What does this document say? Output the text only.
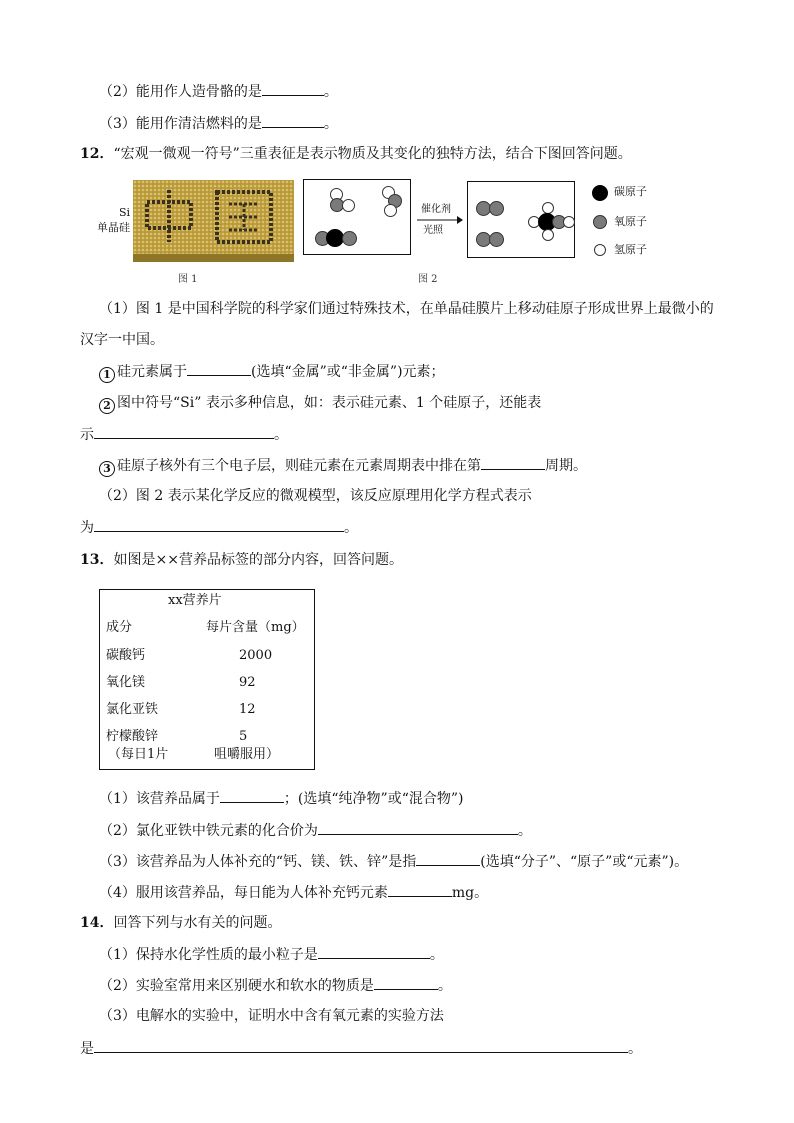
（2）能用作人造骨骼的是	。
（3）能用作清洁燃料的是	。
12．“宏观一微观一符号”三重表征是表示物质及其变化的独特方法，结合下图回答问题。
Si
单晶硅
图 1
催化剂
光照
图 2
碳原子
氧原子
氢原子
（1）图 1 是中国科学院的科学家们通过特殊技术，在单晶硅膜片上移动硅原子形成世界上最微小的
汉字一中国。
1 硅元素属于	(选填“金属”或“非金属”)元素；
2 图中符号“Si” 表示多种信息，如：表示硅元素、1 个硅原子，还能表
示	。
3 硅原子核外有三个电子层，则硅元素在元素周期表中排在第	周期。
（2）图 2 表示某化学反应的微观模型，该反应原理用化学方程式表示
为	。
13．如图是××营养品标签的部分内容，回答问题。
xx营养片
成分	每片含量（mg）
碳酸钙	2000
氧化镁	92
氯化亚铁	12
柠檬酸锌	5
（每日1片	咀嚼服用）
（1）该营养品属于	；(选填“纯净物”或“混合物”)
（2）氯化亚铁中铁元素的化合价为	。
（3）该营养品为人体补充的“钙、镁、铁、锌”是指	(选填“分子”、“原子”或“元素”)。
（4）服用该营养品，每日能为人体补充钙元素	mg。
14．回答下列与水有关的问题。
（1）保持水化学性质的最小粒子是	。
（2）实验室常用来区别硬水和软水的物质是	。
（3）电解水的实验中，证明水中含有氧元素的实验方法
是	。
